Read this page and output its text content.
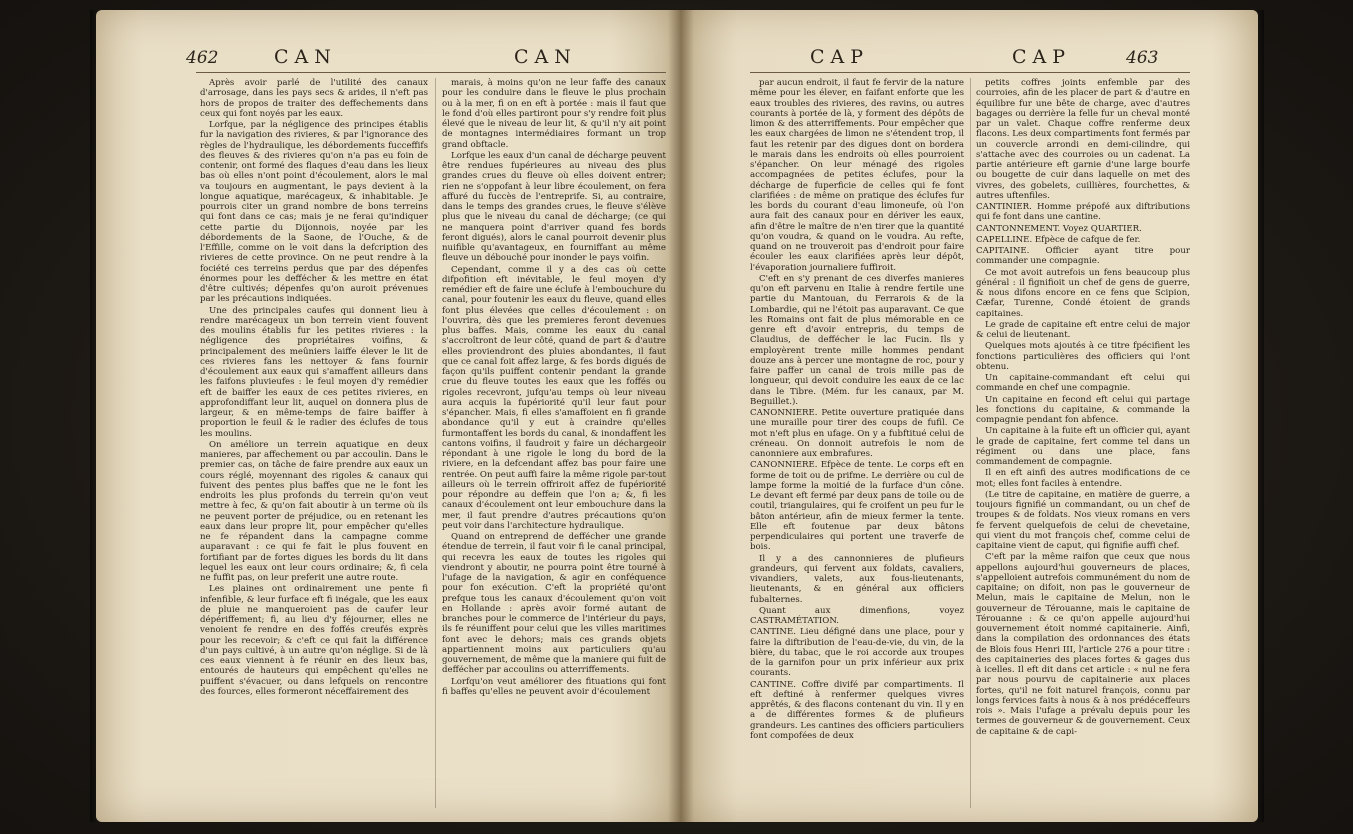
462	CAN	CAN

Après avoir parlé de l'utilité des canaux d'arrosage, dans les pays secs & arides, il n'eft pas hors de propos de traiter des deffechements dans ceux qui font noyés par les eaux.

Lorfque, par la négligence des principes établis fur la navigation des rivieres, & par l'ignorance des règles de l'hydraulique, les débordements fucceffifs des fleuves & des rivieres qu'on n'a pas eu foin de contenir, ont formé des flaques d'eau dans les lieux bas où elles n'ont point d'écoulement, alors le mal va toujours en augmentant, le pays devient à la longue aquatique, marécageux, & inhabitable. Je pourrois citer un grand nombre de bons terreins qui font dans ce cas; mais je ne ferai qu'indiquer cette partie du Dijonnois, noyée par les débordements de la Saone, de l'Ouche, & de l'Effille, comme on le voit dans la defcription des rivieres de cette province. On ne peut rendre à la fociété ces terreins perdus que par des dépenfes énormes pour les deffécher & les mettre en état d'être cultivés; dépenfes qu'on auroit prévenues par les précautions indiquées.

Une des principales caufes qui donnent lieu à rendre marécageux un bon terrein vient fouvent des moulins établis fur les petites rivieres : la négligence des propriétaires voifins, & principalement des meûniers laiffe élever le lit de ces rivieres fans les nettoyer & fans fournir d'écoulement aux eaux qui s'amaffent ailleurs dans les faifons pluvieufes : le feul moyen d'y remédier eft de baiffer les eaux de ces petites rivieres, en approfondiffant leur lit, auquel on donnera plus de largeur, & en même-temps de faire baiffer à proportion le feuil & le radier des éclufes de tous les moulins.

On améliore un terrein aquatique en deux manieres, par affechement ou par accoulin. Dans le premier cas, on tâche de faire prendre aux eaux un cours réglé, moyennant des rigoles & canaux qui fuivent des pentes plus baffes que ne le font les endroits les plus profonds du terrein qu'on veut mettre à fec, & qu'on fait aboutir à un terme où ils ne peuvent porter de préjudice, ou en retenant les eaux dans leur propre lit, pour empêcher qu'elles ne fe répandent dans la campagne comme auparavant : ce qui fe fait le plus fouvent en fortifiant par de fortes digues les bords du lit dans lequel les eaux ont leur cours ordinaire; &, fi cela ne fuffit pas, on leur preferit une autre route.

Les plaines ont ordinairement une pente fi infenfible, & leur furface eft fi inégale, que les eaux de pluie ne manqueroient pas de caufer leur dépériffement; fi, au lieu d'y féjourner, elles ne venoient fe rendre en des foffés creufés exprès pour les recevoir; & c'eft ce qui fait la différence d'un pays cultivé, à un autre qu'on néglige. Si de là ces eaux viennent à fe réunir en des lieux bas, entourés de hauteurs qui empêchent qu'elles ne puiffent s'évacuer, ou dans lefquels on rencontre des fources, elles formeront néceffairement des

marais, à moins qu'on ne leur faffe des canaux pour les conduire dans le fleuve le plus prochain ou à la mer, fi on en eft à portée : mais il faut que le fond d'où elles partiront pour s'y rendre foit plus élevé que le niveau de leur lit, & qu'il n'y ait point de montagnes intermédiaires formant un trop grand obftacle.

Lorfque les eaux d'un canal de décharge peuvent être rendues fupérieures au niveau des plus grandes crues du fleuve où elles doivent entrer; rien ne s'oppofant à leur libre écoulement, on fera affuré du fuccès de l'entreprife. Si, au contraire, dans le temps des grandes crues, le fleuve s'élève plus que le niveau du canal de décharge; (ce qui ne manquera point d'arriver quand fes bords feront digués), alors le canal pourroit devenir plus nuifible qu'avantageux, en fourniffant au même fleuve un débouché pour inonder le pays voifin.

Cependant, comme il y a des cas où cette difpofition eft inévitable, le feul moyen d'y remédier eft de faire une éclufe à l'embouchure du canal, pour foutenir les eaux du fleuve, quand elles font plus élevées que celles d'écoulement : on l'ouvrira, dès que les premieres feront devenues plus baffes. Mais, comme les eaux du canal s'accroîtront de leur côté, quand de part & d'autre elles proviendront des pluies abondantes, il faut que ce canal foit affez large, & fes bords digués de façon qu'ils puiffent contenir pendant la grande crue du fleuve toutes les eaux que les foffés ou rigoles recevront, jufqu'au temps où leur niveau aura acquis la fupériorité qu'il leur faut pour s'épancher. Mais, fi elles s'amaffoient en fi grande abondance qu'il y eut à craindre qu'elles furmontaffent les bords du canal, & inondaffent les cantons voifins, il faudroit y faire un déchargeoir répondant à une rigole le long du bord de la riviere, en la defcendant affez bas pour faire une rentrée. On peut auffi faire la même rigole par-tout ailleurs où le terrein offriroit affez de fupériorité pour répondre au deffein que l'on a; &, fi les canaux d'écoulement ont leur embouchure dans la mer, il faut prendre d'autres précautions qu'on peut voir dans l'architecture hydraulique.

Quand on entreprend de deffécher une grande étendue de terrein, il faut voir fi le canal principal, qui recevra les eaux de toutes les rigoles qui viendront y aboutir, ne pourra point être tourné à l'ufage de la navigation, & agir en conféquence pour fon exécution. C'eft la propriété qu'ont prefque tous les canaux d'écoulement qu'on voit en Hollande : après avoir formé autant de branches pour le commerce de l'intérieur du pays, ils fe réuniffent pour celui que les villes maritimes font avec le dehors; mais ces grands objets appartiennent moins aux particuliers qu'au gouvernement, de même que la maniere qui fuit de deffécher par accoulins ou atterriffements.

Lorfqu'on veut améliorer des fituations qui font fi baffes qu'elles ne peuvent avoir d'écoulement

CAP	CAP	463

par aucun endroit, il faut fe fervir de la nature même pour les élever, en faifant enforte que les eaux troubles des rivieres, des ravins, ou autres courants à portée de là, y forment des dépôts de limon & des atterriffements. Pour empêcher que les eaux chargées de limon ne s'étendent trop, il faut les retenir par des digues dont on bordera le marais dans les endroits où elles pourroient s'épancher. On leur ménagé des rigoles accompagnées de petites éclufes, pour la décharge de fuperficie de celles qui fe font clarifiées : de même on pratique des éclufes fur les bords du courant d'eau limoneufe, où l'on aura fait des canaux pour en dériver les eaux, afin d'être le maître de n'en tirer que la quantité qu'on voudra, & quand on le voudra. Au refte, quand on ne trouveroit pas d'endroit pour faire écouler les eaux clarifiées après leur dépôt, l'évaporation journaliere fuffiroit.

C'eft en s'y prenant de ces diverfes manieres qu'on eft parvenu en Italie à rendre fertile une partie du Mantouan, du Ferrarois & de la Lombardie, qui ne l'étoit pas auparavant. Ce que les Romains ont fait de plus mémorable en ce genre eft d'avoir entrepris, du temps de Claudius, de deffécher le lac Fucin. Ils y employèrent trente mille hommes pendant douze ans à percer une montagne de roc, pour y faire paffer un canal de trois mille pas de longueur, qui devoit conduire les eaux de ce lac dans le Tibre. (Mém. fur les canaux, par M. Beguillet.).

CANONNIERE. Petite ouverture pratiquée dans une muraille pour tirer des coups de fufil. Ce mot n'eft plus en ufage. On y a fubftitué celui de créneau. On donnoit autrefois le nom de canonniere aux embrafures.

CANONNIERE. Efpèce de tente. Le corps eft en forme de toit ou de prifme. Le derrière ou cul de lampe forme la moitié de la furface d'un cône. Le devant eft fermé par deux pans de toile ou de coutil, triangulaires, qui fe croifent un peu fur le bâton antérieur, afin de mieux fermer la tente. Elle eft foutenue par deux bâtons perpendiculaires qui portent une traverfe de bois.

Il y a des cannonnieres de plufieurs grandeurs, qui fervent aux foldats, cavaliers, vivandiers, valets, aux fous-lieutenants, lieutenants, & en général aux officiers fubalternes.

Quant aux dimenfions, voyez CASTRAMÉTATION.

CANTINE. Lieu défigné dans une place, pour y faire la diftribution de l'eau-de-vie, du vin, de la bière, du tabac, que le roi accorde aux troupes de la garnifon pour un prix inférieur aux prix courants.

CANTINE. Coffre divifé par compartiments. Il eft deftiné à renfermer quelques vivres apprêtés, & des flacons contenant du vin. Il y en a de différentes formes & de plufieurs grandeurs. Les cantines des officiers particuliers font compofées de deux

petits coffres joints enfemble par des courroies, afin de les placer de part & d'autre en équilibre fur une bête de charge, avec d'autres bagages ou derrière la felle fur un cheval monté par un valet. Chaque coffre renferme deux flacons. Les deux compartiments font fermés par un couvercle arrondi en demi-cilindre, qui s'attache avec des courroies ou un cadenat. La partie antérieure eft garnie d'une large bourfe ou bougette de cuir dans laquelle on met des vivres, des gobelets, cuillières, fourchettes, & autres uftenfiles.

CANTINIER. Homme prépofé aux diftributions qui fe font dans une cantine.

CANTONNEMENT. Voyez QUARTIER.

CAPELLINE. Efpèce de cafque de fer.

CAPITAINE. Officier ayant titre pour commander une compagnie.

Ce mot avoit autrefois un fens beaucoup plus général : il fignifioit un chef de gens de guerre, & nous difons encore en ce fens que Scipion, Cæfar, Turenne, Condé étoient de grands capitaines.

Le grade de capitaine eft entre celui de major & celui de lieutenant.

Quelques mots ajoutés à ce titre fpécifient les fonctions particulières des officiers qui l'ont obtenu.

Un capitaine-commandant eft celui qui commande en chef une compagnie.

Un capitaine en fecond eft celui qui partage les fonctions du capitaine, & commande la compagnie pendant fon abfence.

Un capitaine à la fuite eft un officier qui, ayant le grade de capitaine, fert comme tel dans un régiment ou dans une place, fans commandement de compagnie.

Il en eft ainfi des autres modifications de ce mot; elles font faciles à entendre.

(Le titre de capitaine, en matière de guerre, a toujours fignifié un commandant, ou un chef de troupes & de foldats. Nos vieux romans en vers fe fervent quelquefois de celui de chevetaine, qui vient du mot françois chef, comme celui de capitaine vient de caput, qui fignifie auffi chef.

C'eft par la même raifon que ceux que nous appellons aujourd'hui gouverneurs de places, s'appelloient autrefois communément du nom de capitaine; on difoit, non pas le gouverneur de Melun, mais le capitaine de Melun, non le gouverneur de Térouanne, mais le capitaine de Térouanne : & ce qu'on appelle aujourd'hui gouvernement étoit nommé capitainerie. Ainfi, dans la compilation des ordonnances des états de Blois fous Henri III, l'article 276 a pour titre : des capitaineries des places fortes & gages dus à icelles. Il eft dit dans cet article : « nul ne fera par nous pourvu de capitainerie aux places fortes, qu'il ne foit naturel françois, connu par longs fervices faits à nous & à nos prédéceffeurs rois ». Mais l'ufage a prévalu depuis pour les termes de gouverneur & de gouvernement. Ceux de capitaine & de capi-
